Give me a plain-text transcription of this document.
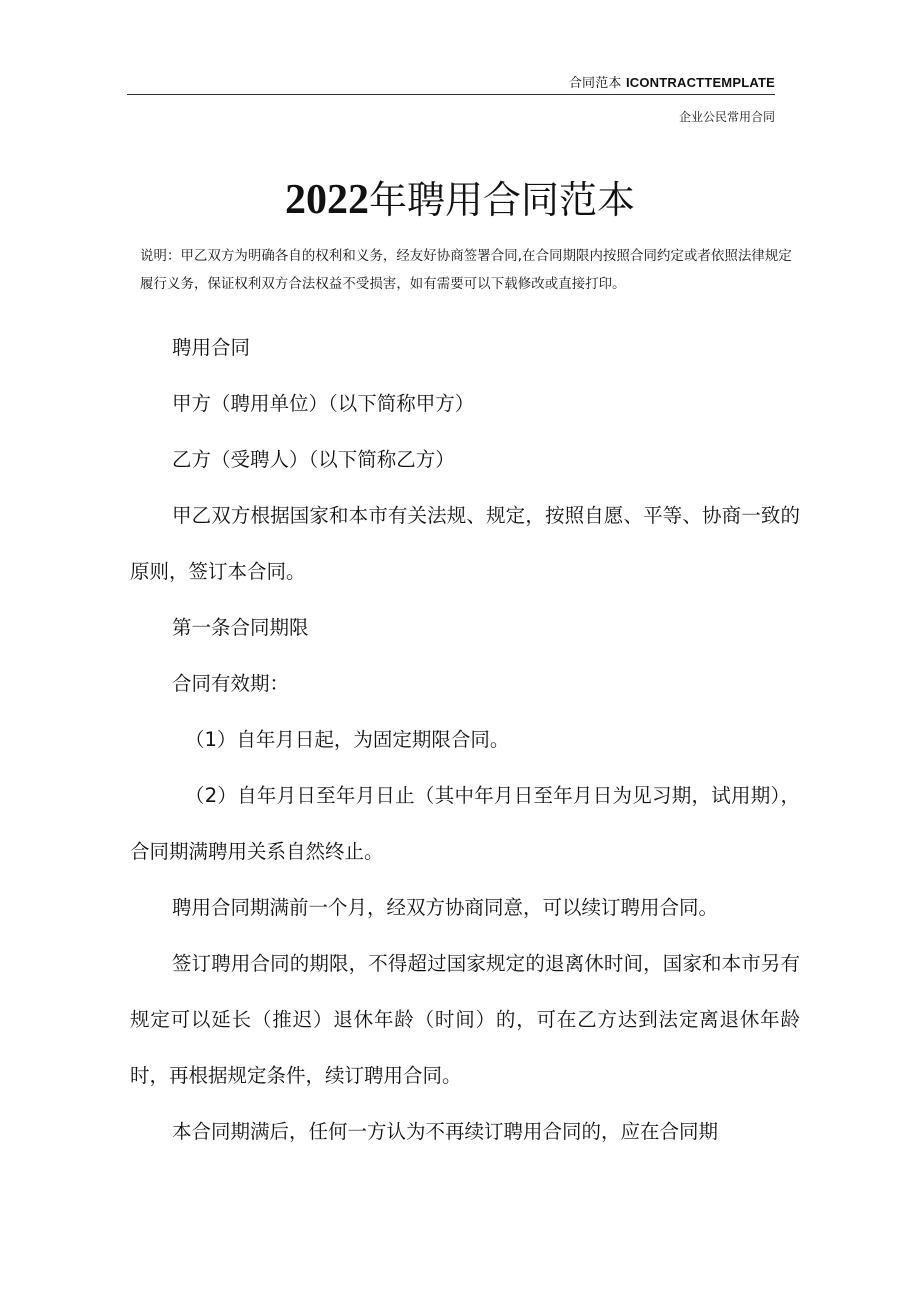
合同范本 ICONTRACTTEMPLATE
企业公民常用合同
2022年聘用合同范本
说明：甲乙双方为明确各自的权利和义务，经友好协商签署合同,在合同期限内按照合同约定或者依照法律规定履行义务，保证权利双方合法权益不受损害，如有需要可以下载修改或直接打印。

聘用合同

甲方（聘用单位）（以下简称甲方）

乙方（受聘人）（以下简称乙方）

甲乙双方根据国家和本市有关法规、规定，按照自愿、平等、协商一致的原则，签订本合同。

第一条合同期限

合同有效期：

（1）自年月日起，为固定期限合同。

（2）自年月日至年月日止（其中年月日至年月日为见习期，试用期），合同期满聘用关系自然终止。

聘用合同期满前一个月，经双方协商同意，可以续订聘用合同。

签订聘用合同的期限，不得超过国家规定的退离休时间，国家和本市另有规定可以延长（推迟）退休年龄（时间）的，可在乙方达到法定离退休年龄时，再根据规定条件，续订聘用合同。

本合同期满后，任何一方认为不再续订聘用合同的，应在合同期
